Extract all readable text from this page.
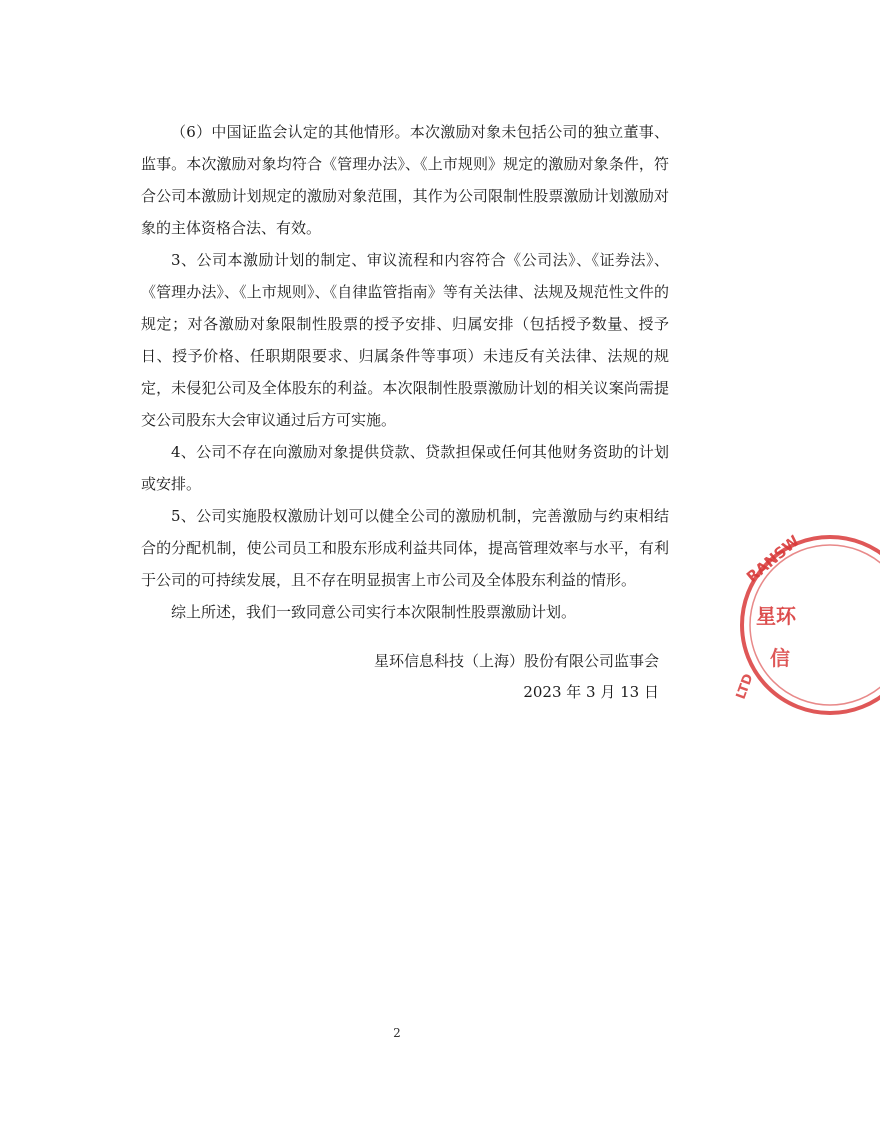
（6）中国证监会认定的其他情形。本次激励对象未包括公司的独立董事、监事。本次激励对象均符合《管理办法》、《上市规则》规定的激励对象条件，符合公司本激励计划规定的激励对象范围，其作为公司限制性股票激励计划激励对象的主体资格合法、有效。

3、公司本激励计划的制定、审议流程和内容符合《公司法》、《证券法》、《管理办法》、《上市规则》、《自律监管指南》等有关法律、法规及规范性文件的规定；对各激励对象限制性股票的授予安排、归属安排（包括授予数量、授予日、授予价格、任职期限要求、归属条件等事项）未违反有关法律、法规的规定，未侵犯公司及全体股东的利益。本次限制性股票激励计划的相关议案尚需提交公司股东大会审议通过后方可实施。

4、公司不存在向激励对象提供贷款、贷款担保或任何其他财务资助的计划或安排。

5、公司实施股权激励计划可以健全公司的激励机制，完善激励与约束相结合的分配机制，使公司员工和股东形成利益共同体，提高管理效率与水平，有利于公司的可持续发展，且不存在明显损害上市公司及全体股东利益的情形。

综上所述，我们一致同意公司实行本次限制性股票激励计划。

星环信息科技（上海）股份有限公司监事会
2023 年 3 月 13 日
RANSW
星环
信
LTD
2
